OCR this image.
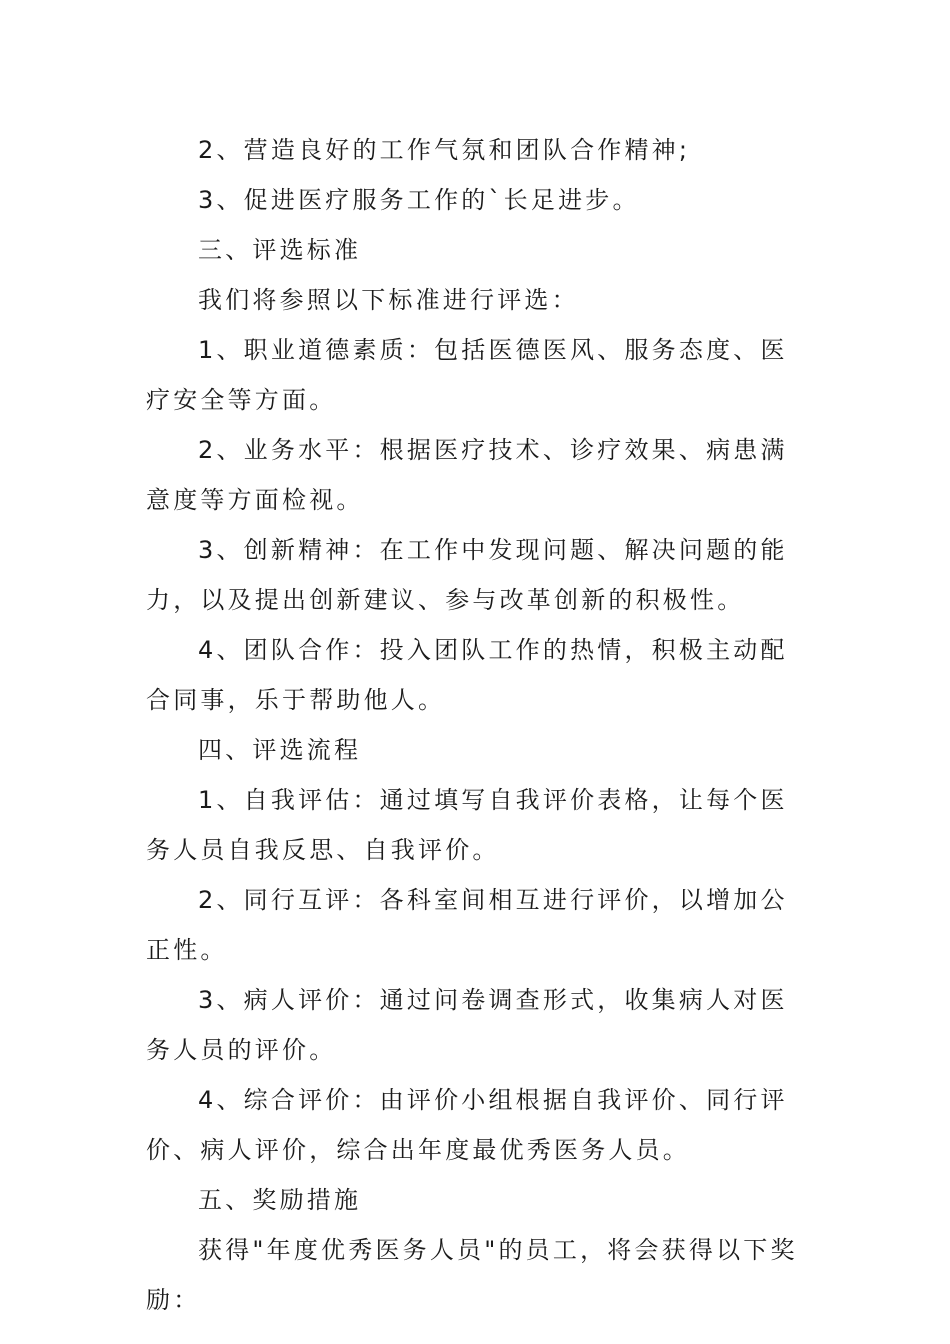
2、营造良好的工作气氛和团队合作精神;

3、促进医疗服务工作的`长足进步。

三、评选标准

我们将参照以下标准进行评选：

1、职业道德素质：包括医德医风、服务态度、医疗安全等方面。

2、业务水平：根据医疗技术、诊疗效果、病患满意度等方面检视。

3、创新精神：在工作中发现问题、解决问题的能力，以及提出创新建议、参与改革创新的积极性。

4、团队合作：投入团队工作的热情，积极主动配合同事，乐于帮助他人。

四、评选流程

1、自我评估：通过填写自我评价表格，让每个医务人员自我反思、自我评价。

2、同行互评：各科室间相互进行评价，以增加公正性。

3、病人评价：通过问卷调查形式，收集病人对医务人员的评价。

4、综合评价：由评价小组根据自我评价、同行评价、病人评价，综合出年度最优秀医务人员。

五、奖励措施

获得"年度优秀医务人员"的员工，将会获得以下奖励：
